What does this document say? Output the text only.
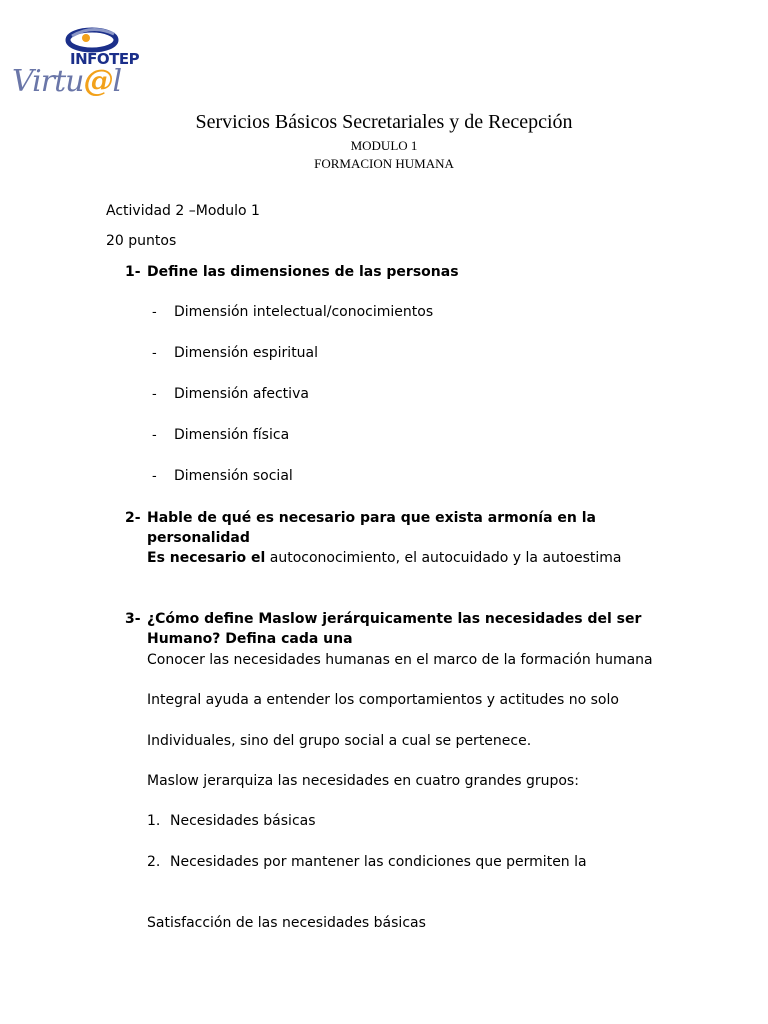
INFOTEP
Virtu@l
Servicios Básicos Secretariales y de Recepción
MODULO 1
FORMACION HUMANA
Actividad 2 –Modulo 1
20 puntos
1- Define las dimensiones de las personas
- Dimensión intelectual/conocimientos
- Dimensión espiritual
- Dimensión afectiva
- Dimensión física
- Dimensión social
2- Hable de qué es necesario para que exista armonía en la
personalidad
Es necesario el autoconocimiento, el autocuidado y la autoestima
3- ¿Cómo define Maslow jerárquicamente las necesidades del ser
Humano? Defina cada una
Conocer las necesidades humanas en el marco de la formación humana
Integral ayuda a entender los comportamientos y actitudes no solo
Individuales, sino del grupo social a cual se pertenece.
Maslow jerarquiza las necesidades en cuatro grandes grupos:
1. Necesidades básicas
2. Necesidades por mantener las condiciones que permiten la
Satisfacción de las necesidades básicas
